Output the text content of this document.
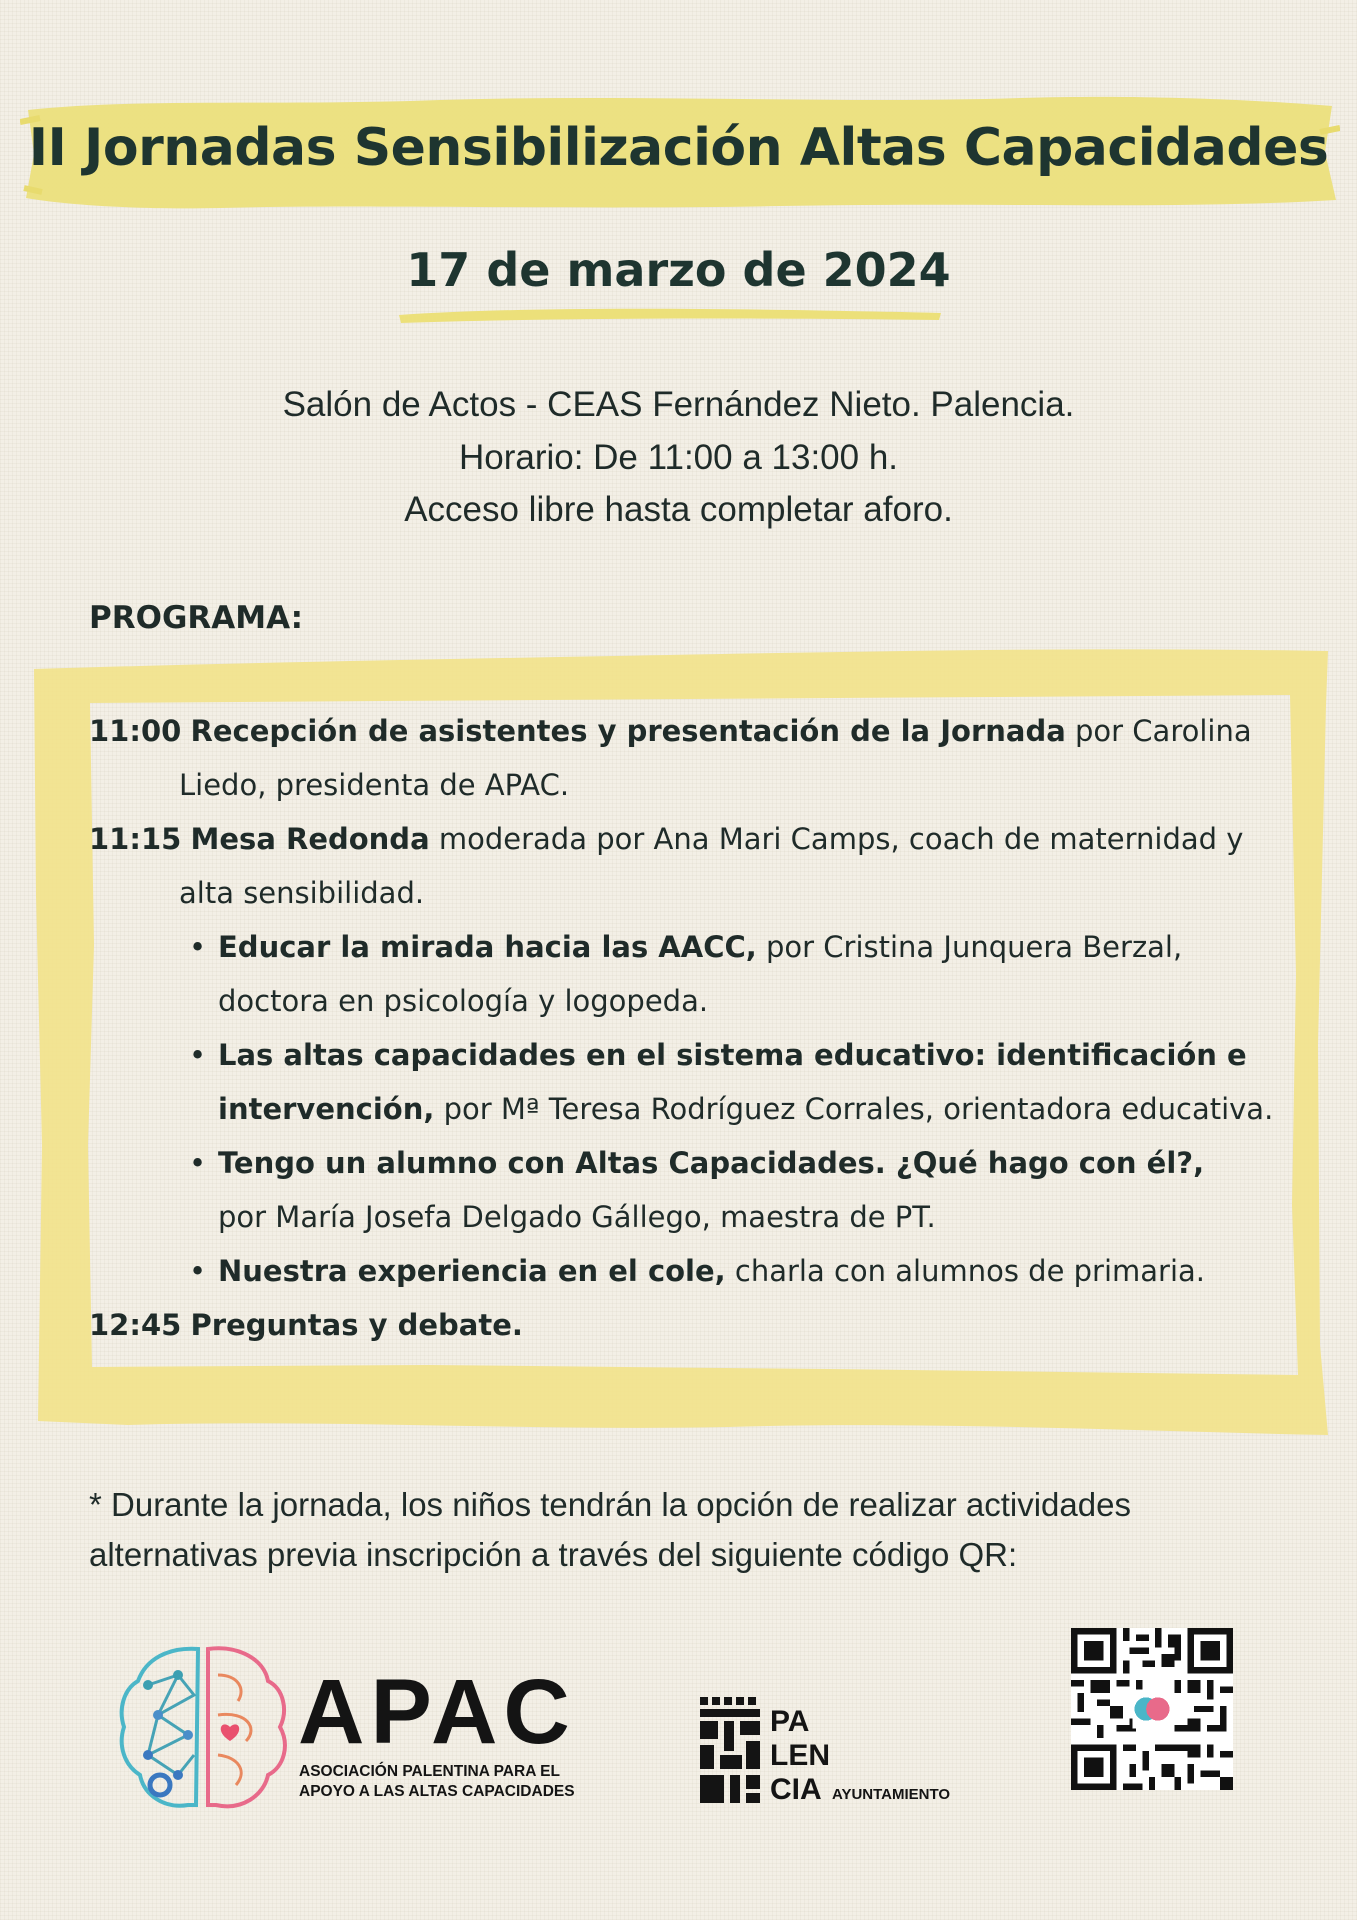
II Jornadas Sensibilización Altas Capacidades
17 de marzo de 2024
Salón de Actos - CEAS Fernández Nieto. Palencia.
Horario: De 11:00 a 13:00 h.
Acceso libre hasta completar aforo.
PROGRAMA:
11:00 Recepción de asistentes y presentación de la Jornada por Carolina
Liedo, presidenta de APAC.
11:15 Mesa Redonda moderada por Ana Mari Camps, coach de maternidad y
alta sensibilidad.
• Educar la mirada hacia las AACC, por Cristina Junquera Berzal,
doctora en psicología y logopeda.
• Las altas capacidades en el sistema educativo: identificación e
intervención, por Mª Teresa Rodríguez Corrales, orientadora educativa.
• Tengo un alumno con Altas Capacidades. ¿Qué hago con él?,
por María Josefa Delgado Gállego, maestra de PT.
• Nuestra experiencia en el cole, charla con alumnos de primaria.
12:45 Preguntas y debate.
* Durante la jornada, los niños tendrán la opción de realizar actividades
alternativas previa inscripción a través del siguiente código QR:
APAC
ASOCIACIÓN PALENTINA PARA EL
APOYO A LAS ALTAS CAPACIDADES
PA
LEN
CIA AYUNTAMIENTO
